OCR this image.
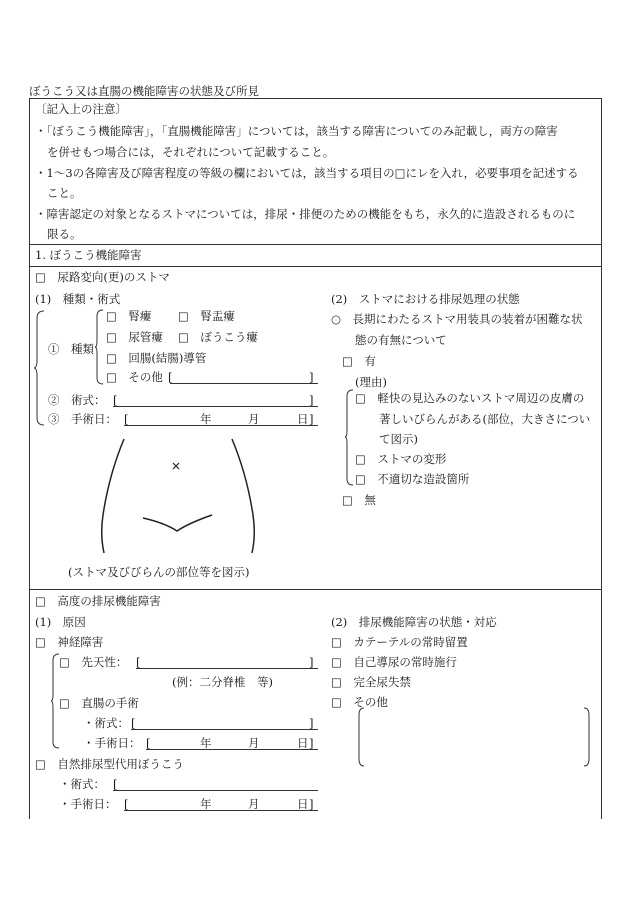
ぼうこう又は直腸の機能障害の状態及び所見
〔記入上の注意〕
・「ぼうこう機能障害」，「直腸機能障害」については，該当する障害についてのみ記載し，両方の障害
を併せもつ場合には，それぞれについて記載すること。
・1〜3の各障害及び障害程度の等級の欄においては，該当する項目の□にレを入れ，必要事項を記述する
こと。
・障害認定の対象となるストマについては，排尿・排便のための機能をもち，永久的に造設されるものに
限る。
1. ぼうこう機能障害
□　尿路変向(更)のストマ
(1)　種類・術式
①　種類
□　腎瘻 □　腎盂瘻
□　尿管瘻 □　ぼうこう瘻
□　回腸(結腸)導管
□　その他 [	]
②　術式： [	]
③　手術日： [	年	月	日 ]
(ストマ及びびらんの部位等を図示)
(2)　ストマにおける排尿処理の状態
○　長期にわたるストマ用装具の装着が困難な状
態の有無について
□　有
(理由)
□　軽快の見込みのないストマ周辺の皮膚の
著しいびらんがある(部位，大きさについ
て図示)
□　ストマの変形
□　不適切な造設箇所
□　無
□　高度の排尿機能障害
(1)　原因
□　神経障害
□　先天性： [	]
(例：二分脊椎　等)
□　直腸の手術
・術式： [	]
・手術日： [	年	月	日 ]
□　自然排尿型代用ぼうこう
・術式： [
・手術日： [	年	月	日 ]
(2)　排尿機能障害の状態・対応
□　カテーテルの常時留置
□　自己導尿の常時施行
□　完全尿失禁
□　その他
